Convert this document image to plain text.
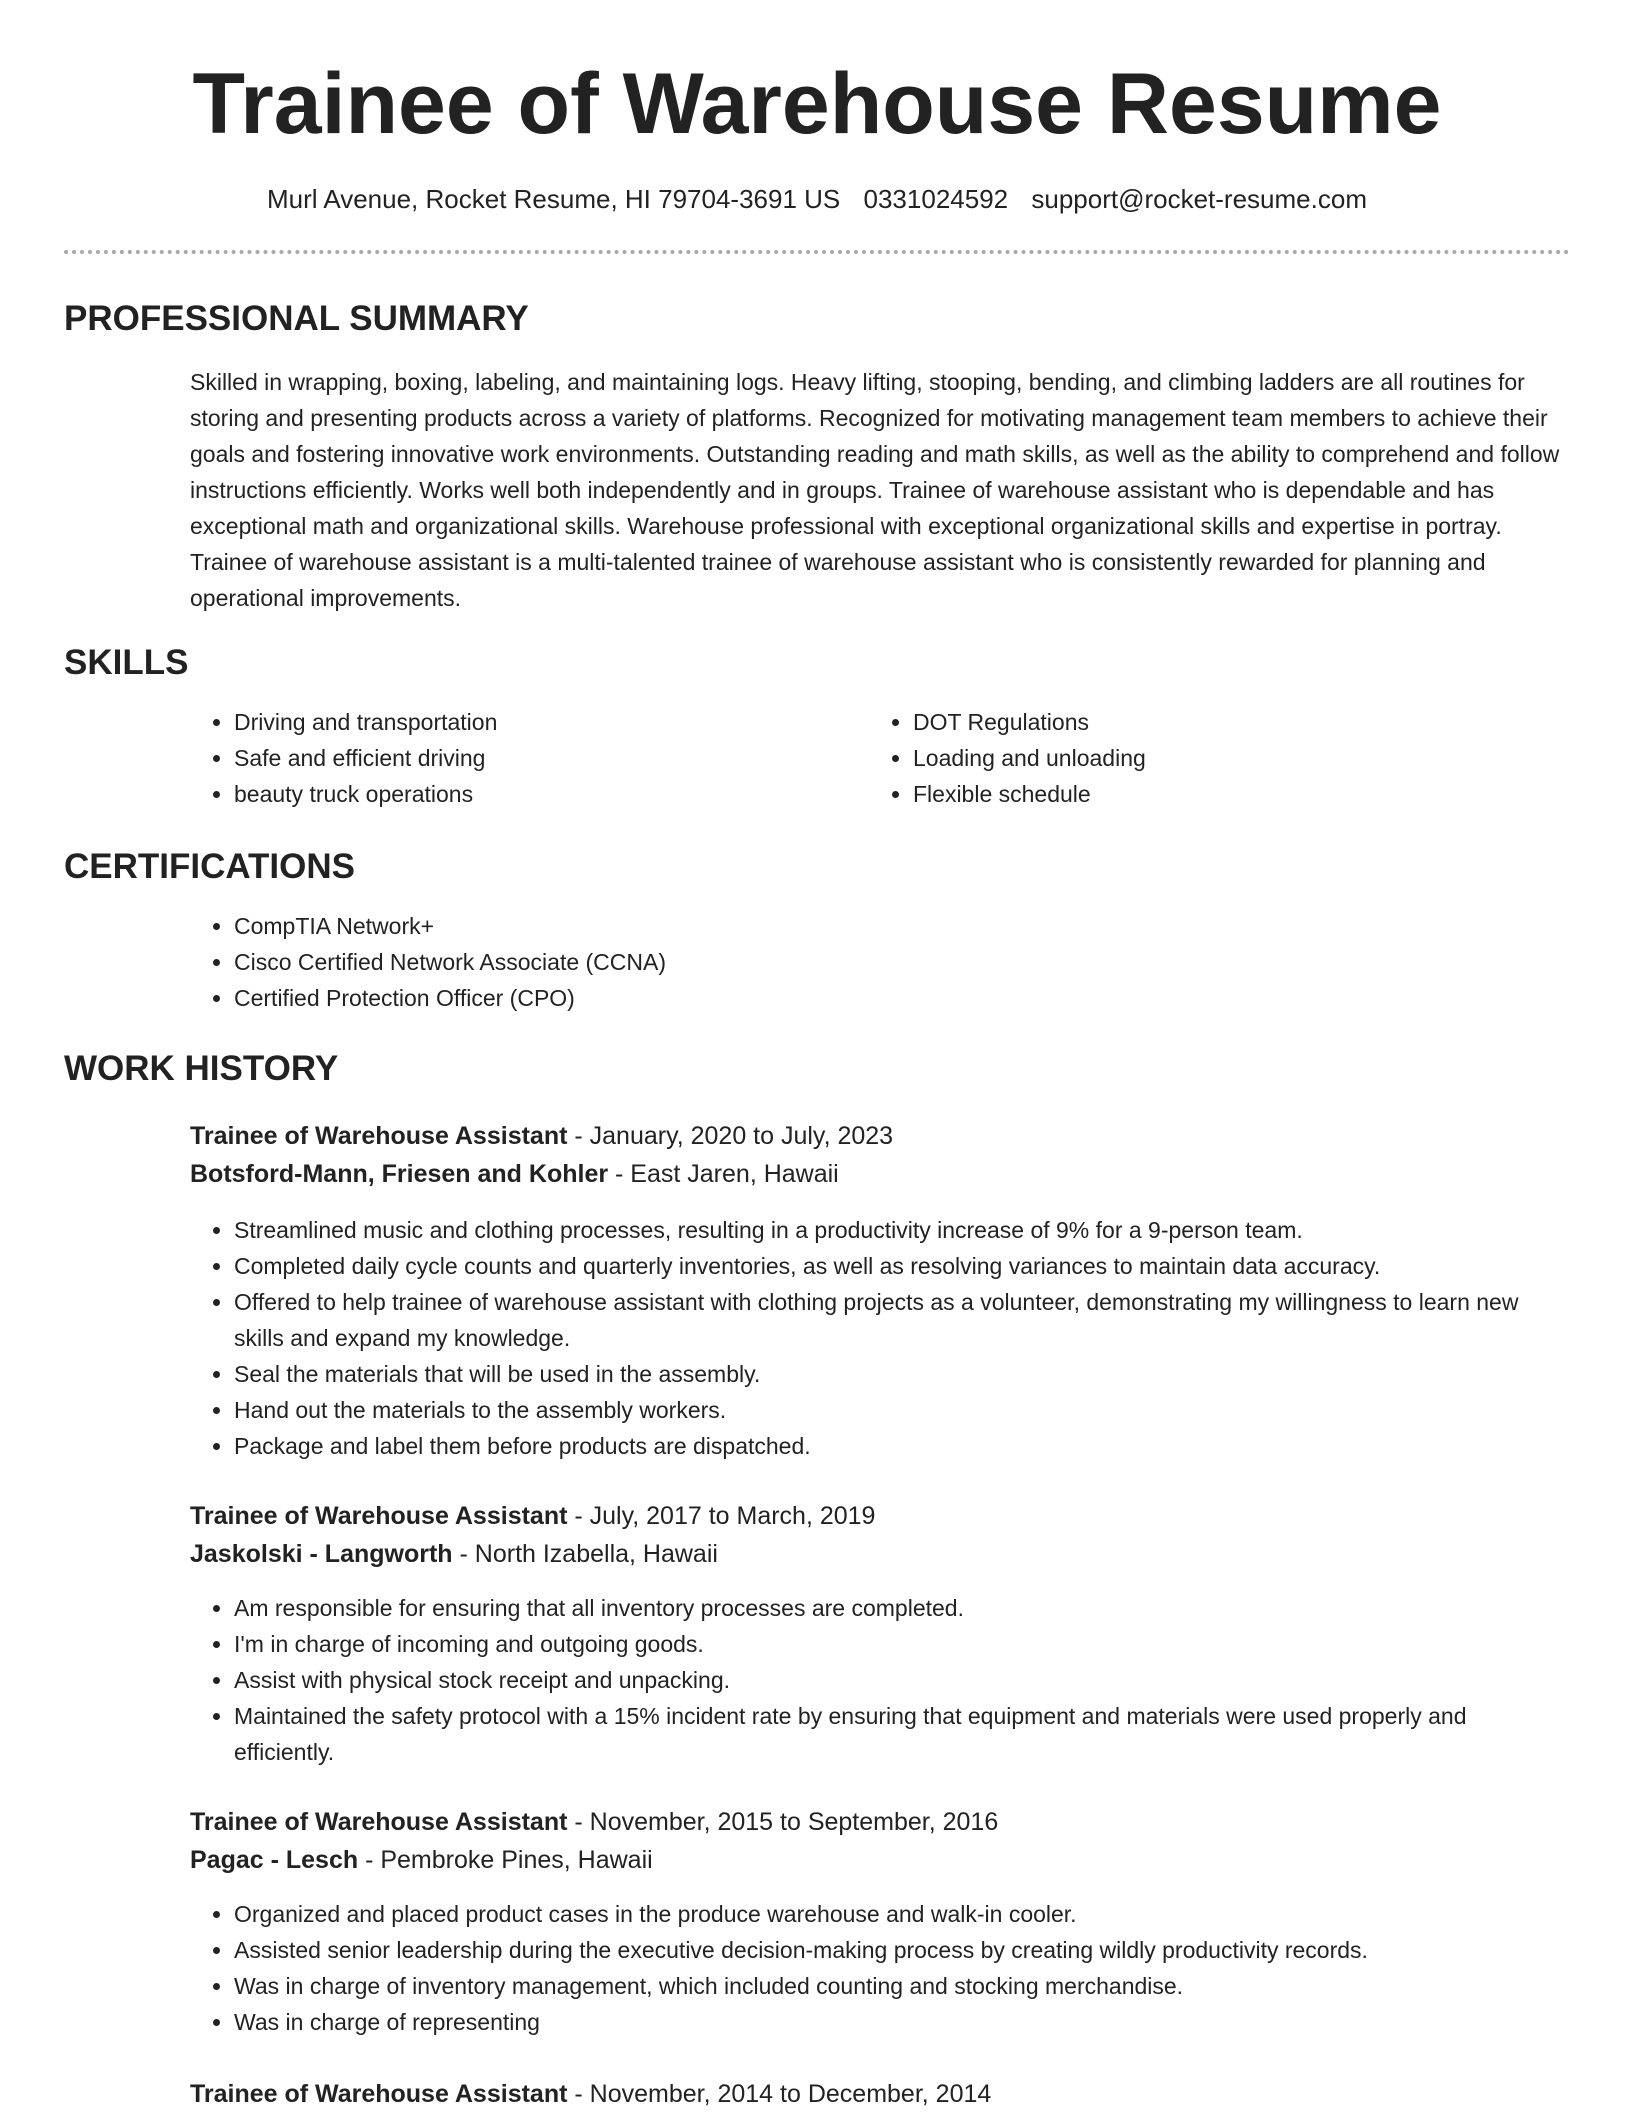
Trainee of Warehouse Resume
Murl Avenue, Rocket Resume, HI 79704-3691 US 0331024592 support@rocket-resume.com
PROFESSIONAL SUMMARY

Skilled in wrapping, boxing, labeling, and maintaining logs. Heavy lifting, stooping, bending, and climbing ladders are all routines for storing and presenting products across a variety of platforms. Recognized for motivating management team members to achieve their goals and fostering innovative work environments. Outstanding reading and math skills, as well as the ability to comprehend and follow instructions efficiently. Works well both independently and in groups. Trainee of warehouse assistant who is dependable and has exceptional math and organizational skills. Warehouse professional with exceptional organizational skills and expertise in portray. Trainee of warehouse assistant is a multi-talented trainee of warehouse assistant who is consistently rewarded for planning and operational improvements.

SKILLS
• Driving and transportation
• Safe and efficient driving
• beauty truck operations
• DOT Regulations
• Loading and unloading
• Flexible schedule
CERTIFICATIONS
• CompTIA Network+
• Cisco Certified Network Associate (CCNA)
• Certified Protection Officer (CPO)
WORK HISTORY
Trainee of Warehouse Assistant - January, 2020 to July, 2023
Botsford-Mann, Friesen and Kohler - East Jaren, Hawaii
• Streamlined music and clothing processes, resulting in a productivity increase of 9% for a 9-person team.
• Completed daily cycle counts and quarterly inventories, as well as resolving variances to maintain data accuracy.
• Offered to help trainee of warehouse assistant with clothing projects as a volunteer, demonstrating my willingness to learn new skills and expand my knowledge.
• Seal the materials that will be used in the assembly.
• Hand out the materials to the assembly workers.
• Package and label them before products are dispatched.
Trainee of Warehouse Assistant - July, 2017 to March, 2019
Jaskolski - Langworth - North Izabella, Hawaii
• Am responsible for ensuring that all inventory processes are completed.
• I'm in charge of incoming and outgoing goods.
• Assist with physical stock receipt and unpacking.
• Maintained the safety protocol with a 15% incident rate by ensuring that equipment and materials were used properly and efficiently.
Trainee of Warehouse Assistant - November, 2015 to September, 2016
Pagac - Lesch - Pembroke Pines, Hawaii
• Organized and placed product cases in the produce warehouse and walk-in cooler.
• Assisted senior leadership during the executive decision-making process by creating wildly productivity records.
• Was in charge of inventory management, which included counting and stocking merchandise.
• Was in charge of representing
Trainee of Warehouse Assistant - November, 2014 to December, 2014
